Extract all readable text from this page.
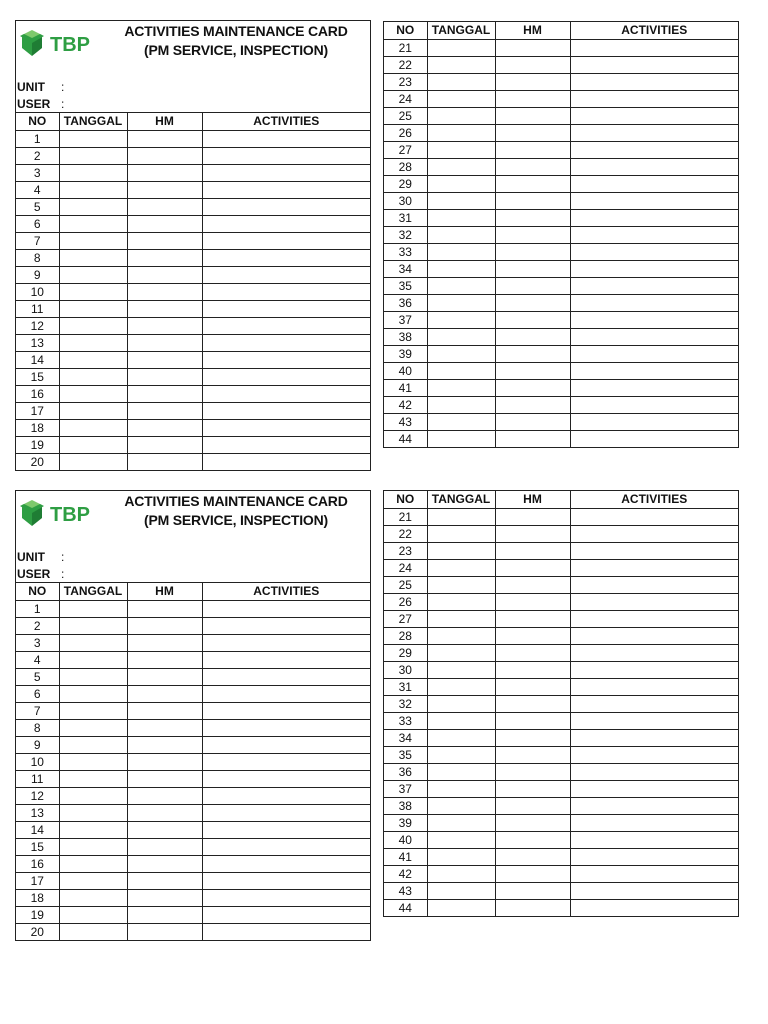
TBP
ACTIVITIES MAINTENANCE CARD
(PM SERVICE, INSPECTION)
UNIT :
USER :
NO	TANGGAL	HM	ACTIVITIES
1			
2			
3			
4			
5			
6			
7			
8			
9			
10			
11			
12			
13			
14			
15			
16			
17			
18			
19			
20			
NO	TANGGAL	HM	ACTIVITIES
21			
22			
23			
24			
25			
26			
27			
28			
29			
30			
31			
32			
33			
34			
35			
36			
37			
38			
39			
40			
41			
42			
43			
44			
TBP
ACTIVITIES MAINTENANCE CARD
(PM SERVICE, INSPECTION)
UNIT :
USER :
NO	TANGGAL	HM	ACTIVITIES
1			
2			
3			
4			
5			
6			
7			
8			
9			
10			
11			
12			
13			
14			
15			
16			
17			
18			
19			
20			
NO	TANGGAL	HM	ACTIVITIES
21			
22			
23			
24			
25			
26			
27			
28			
29			
30			
31			
32			
33			
34			
35			
36			
37			
38			
39			
40			
41			
42			
43			
44			
